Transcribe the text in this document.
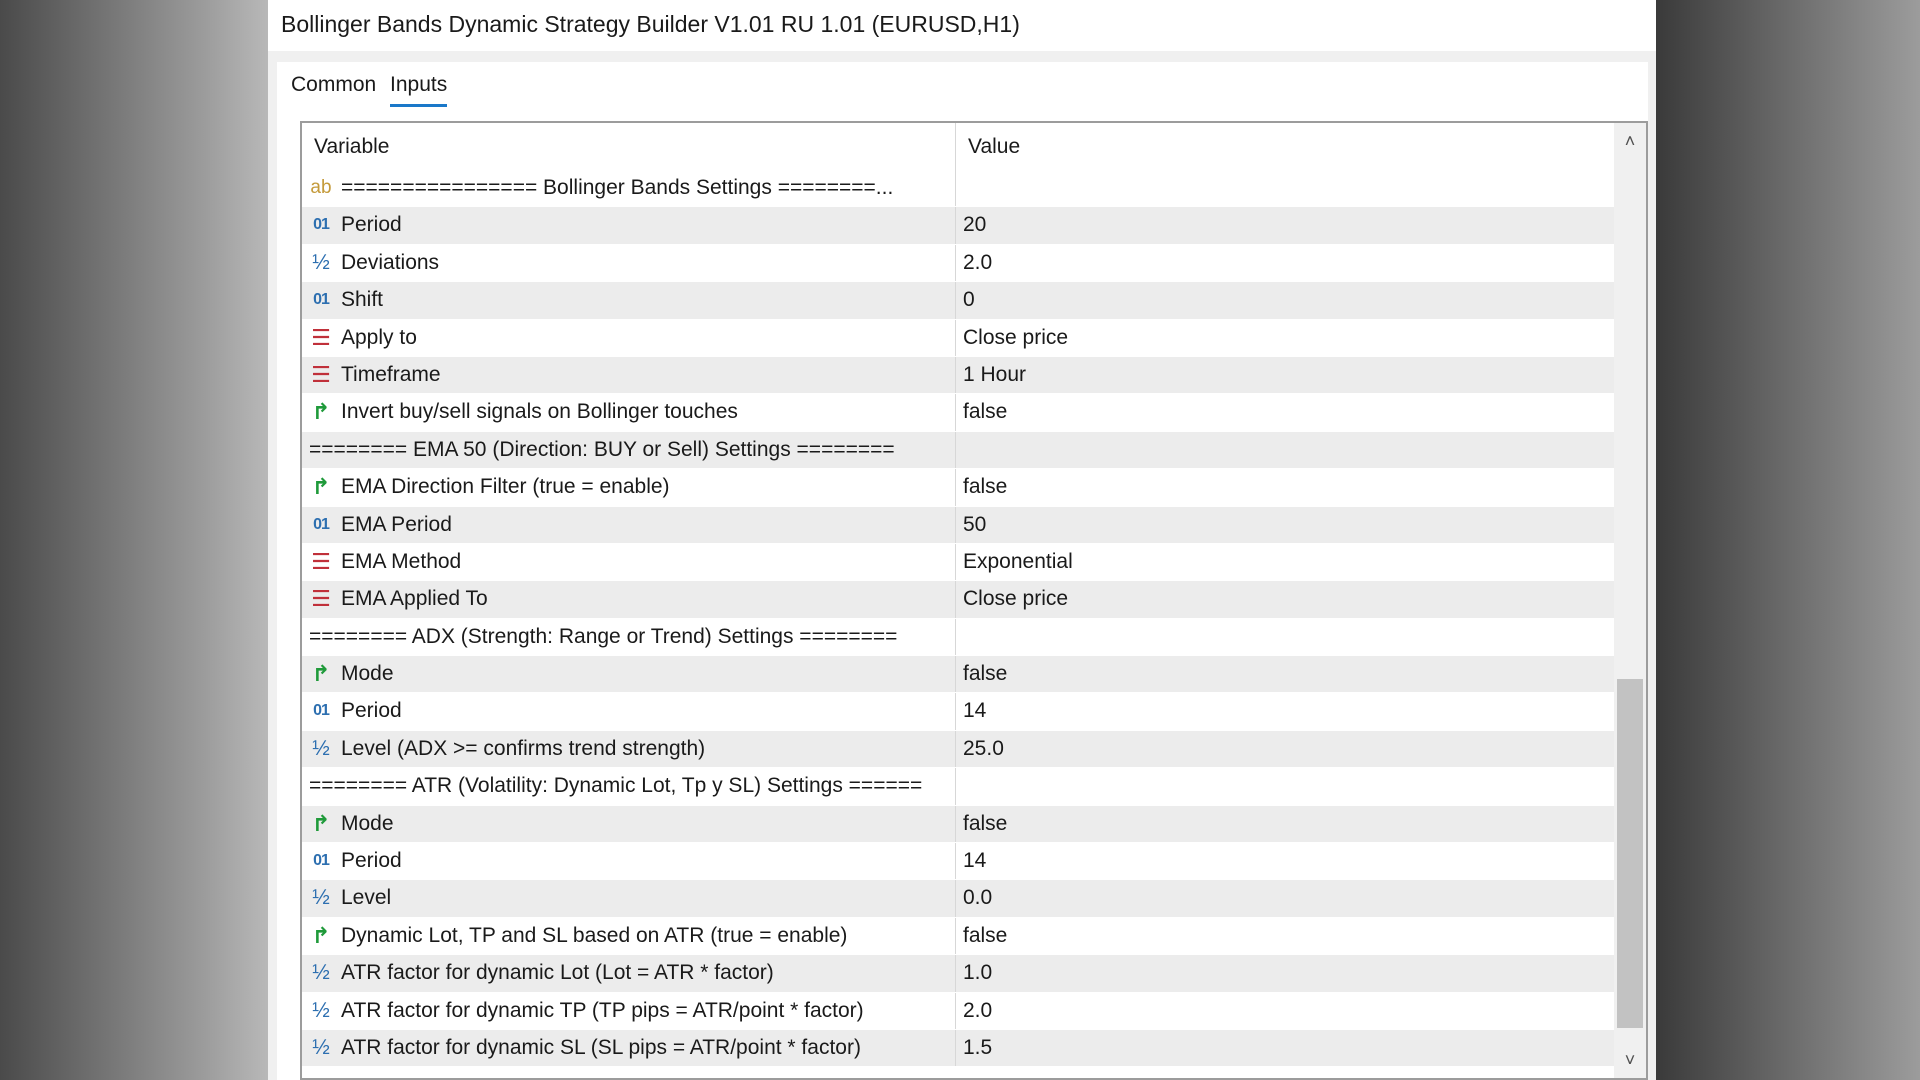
Bollinger Bands Dynamic Strategy Builder V1.01 RU 1.01 (EURUSD,H1)
Common Inputs
Variable	Value
ab ================ Bollinger Bands Settings ========...
01 Period	20
½ Deviations	2.0
01 Shift	0
☰ Apply to	Close price
☰ Timeframe	1 Hour
↱ Invert buy/sell signals on Bollinger touches	false
======== EMA 50 (Direction: BUY or Sell) Settings ========
↱ EMA Direction Filter (true = enable)	false
01 EMA Period	50
☰ EMA Method	Exponential
☰ EMA Applied To	Close price
======== ADX (Strength: Range or Trend) Settings ========
↱ Mode	false
01 Period	14
½ Level (ADX >= confirms trend strength)	25.0
======== ATR (Volatility: Dynamic Lot, Tp y SL) Settings ======
↱ Mode	false
01 Period	14
½ Level	0.0
↱ Dynamic Lot, TP and SL based on ATR (true = enable)	false
½ ATR factor for dynamic Lot (Lot = ATR * factor)	1.0
½ ATR factor for dynamic TP (TP pips = ATR/point * factor)	2.0
½ ATR factor for dynamic SL (SL pips = ATR/point * factor)	1.5
˄
˅
